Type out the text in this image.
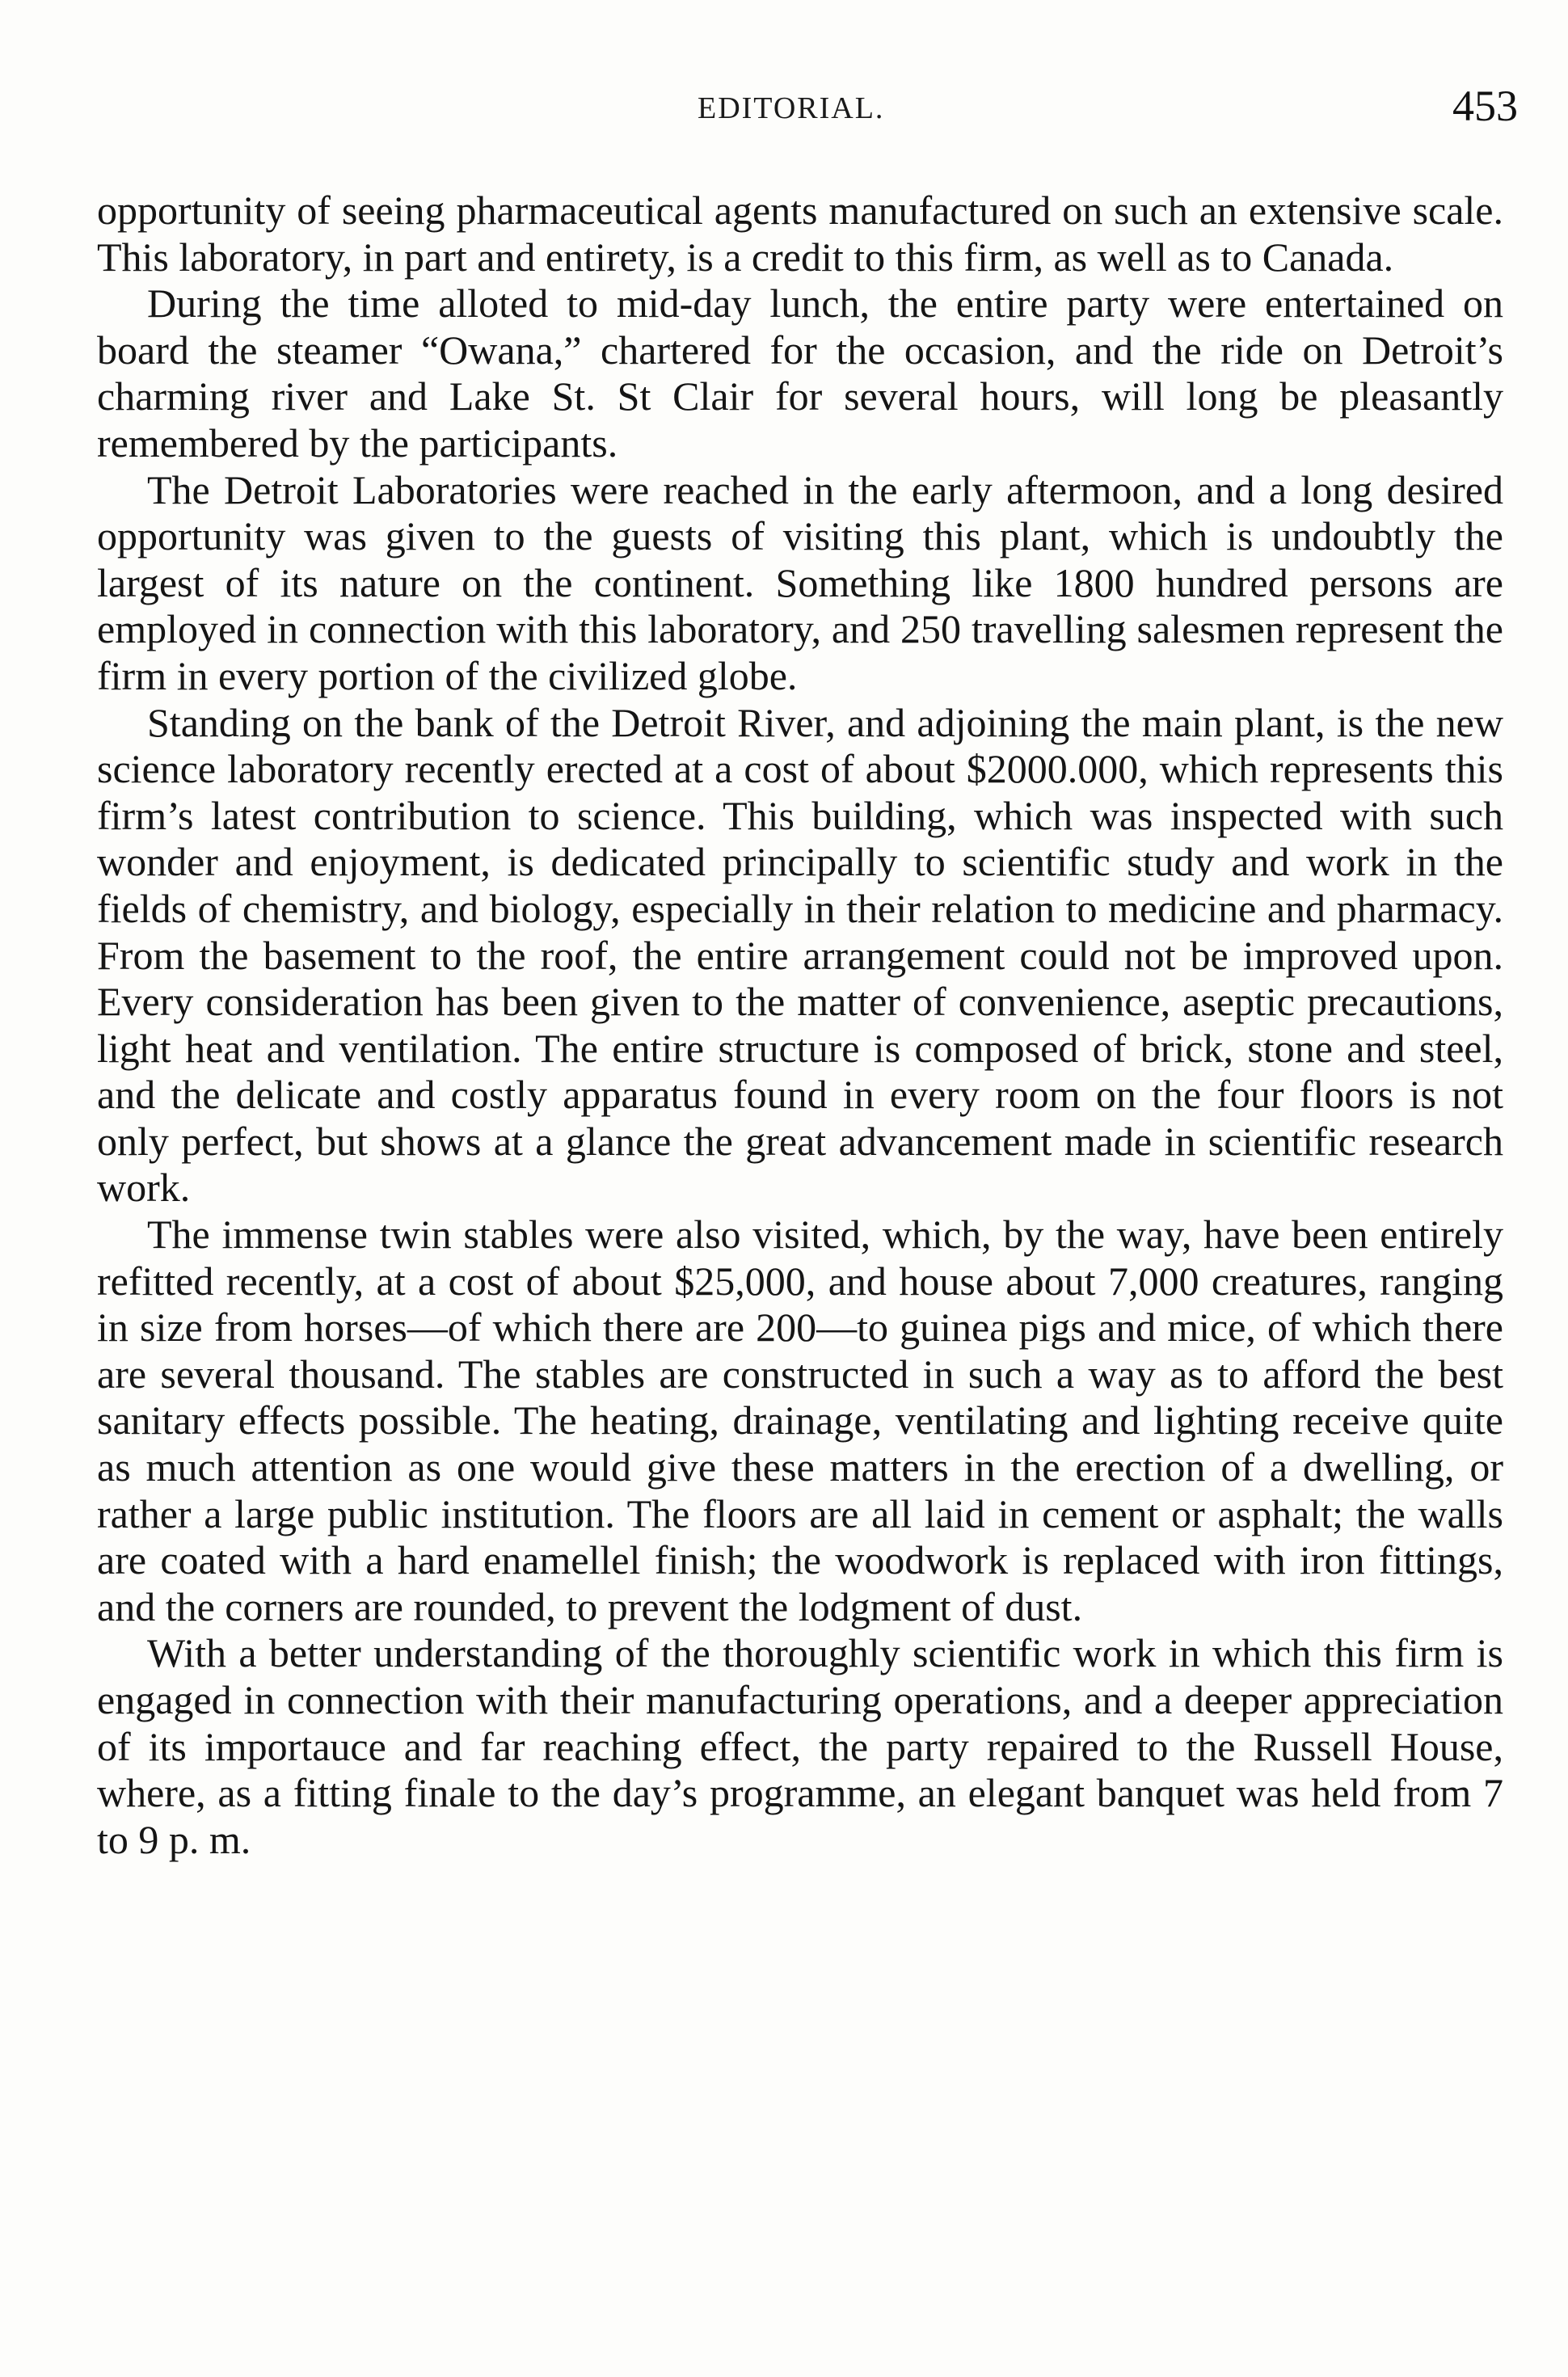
EDITORIAL.	453

opportunity of seeing pharmaceutical agents manufactured on such an extensive scale. This laboratory, in part and entirety, is a credit to this firm, as well as to Canada.

During the time alloted to mid-day lunch, the entire party were entertained on board the steamer “Owana,” chartered for the occasion, and the ride on Detroit’s charming river and Lake St. St Clair for several hours, will long be pleasantly remembered by the participants.

The Detroit Laboratories were reached in the early aftermoon, and a long desired opportunity was given to the guests of visiting this plant, which is undoubtly the largest of its nature on the continent. Something like 1800 hundred persons are employed in connection with this laboratory, and 250 travelling salesmen represent the firm in every portion of the civilized globe.

Standing on the bank of the Detroit River, and adjoining the main plant, is the new science laboratory recently erected at a cost of about $2000.000, which represents this firm’s latest contribution to science. This building, which was inspected with such wonder and enjoyment, is dedicated principally to scientific study and work in the fields of chemistry, and biology, especially in their relation to medicine and pharmacy. From the basement to the roof, the entire arrangement could not be improved upon. Every consideration has been given to the matter of convenience, aseptic precautions, light heat and ventilation. The entire structure is composed of brick, stone and steel, and the delicate and costly apparatus found in every room on the four floors is not only perfect, but shows at a glance the great advancement made in scientific research work.

The immense twin stables were also visited, which, by the way, have been entirely refitted recently, at a cost of about $25,000, and house about 7,000 creatures, ranging in size from horses—of which there are 200—to guinea pigs and mice, of which there are several thousand. The stables are constructed in such a way as to afford the best sanitary effects possible. The heating, drainage, ventilating and lighting receive quite as much attention as one would give these matters in the erection of a dwelling, or rather a large public institution. The floors are all laid in cement or asphalt; the walls are coated with a hard enamellel finish; the woodwork is replaced with iron fittings, and the corners are rounded, to prevent the lodgment of dust.

With a better understanding of the thoroughly scientific work in which this firm is engaged in connection with their manufacturing operations, and a deeper appreciation of its importauce and far reaching effect, the party repaired to the Russell House, where, as a fitting finale to the day’s programme, an elegant banquet was held from 7 to 9 p. m.
